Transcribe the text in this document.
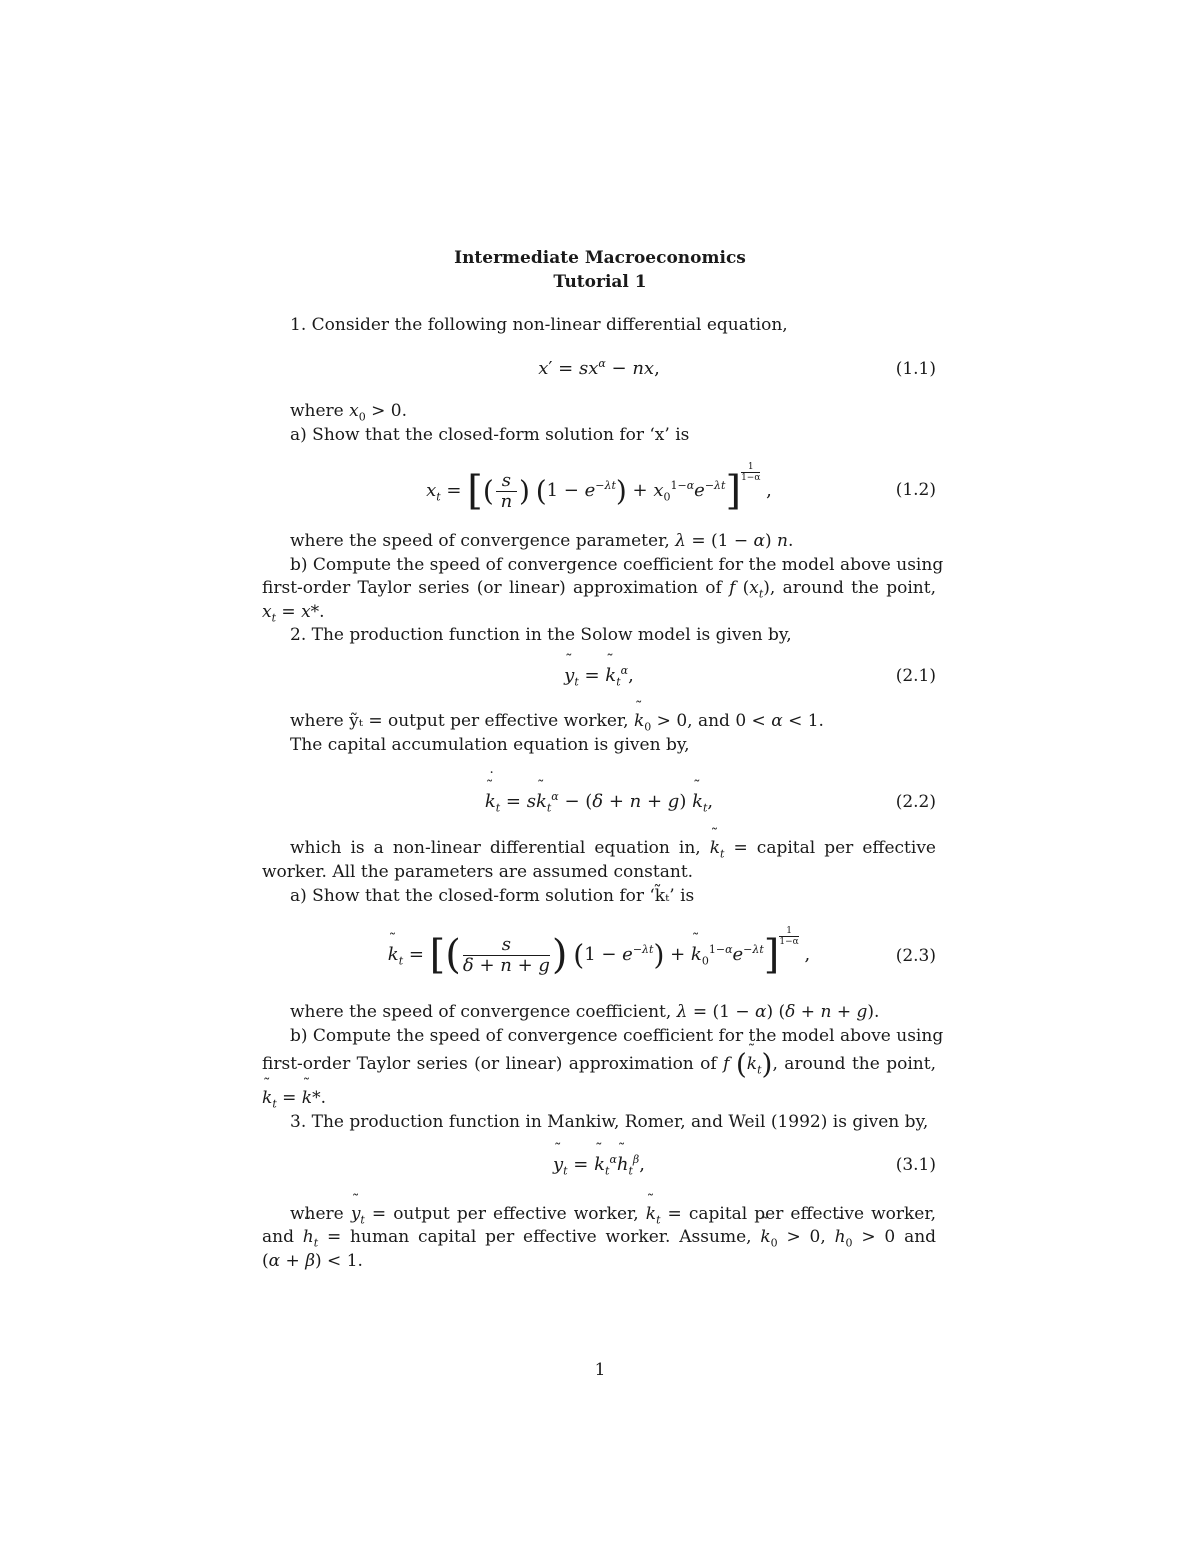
Intermediate Macroeconomics
Tutorial 1
1. Consider the following non-linear differential equation,
$x' = sx^\alpha$ − nx,	(1.1)
where $x_0 > 0$.
a) Show that the closed-form solution for ‘x’ is
$x_t$ = [( $\frac{s}{n}$ ) $(1 - e^{-\lambda t}) + x_0^{1-\alpha}e^{-\lambda t}] \frac{1}{1-\alpha}$
,	(1.2)
where the speed of convergence parameter, λ = (1 − α) n.
b) Compute the speed of convergence coefficient for the model above using
first-order Taylor series (or linear) approximation of f $(x_t)$, around the point,
$x_t = x*$.
2. The production function in the Solow model is given by,
˜ $y_t$ = ˜ $k_t^\alpha$,	(2.1)
where ỹₜ = output per effective worker, ˜ $k_0 > 0$, and 0 < α < 1.
The capital accumulation equation is given by,
˜ k $˙_t$ = s˜ $k_t^\alpha - (\delta + n + g)$ ˜ $k_t$,	(2.2)
which is a non-linear differential equation in, ˜ $k_t$ = capital per effective
worker. All the parameters are assumed constant.
a) Show that the closed-form solution for ‘k̃ₜ’ is
˜ $k_t$ = [( $\frac{s}{\delta + n + g}$ ) $(1 - e^{-\lambda t})$ + ˜ $k_0^{1-\alpha}e^{-\lambda t}] \frac{1}{1-\alpha}$
,	(2.3)
where the speed of convergence coefficient, λ = (1 − α) (δ + n + g).
b) Compute the speed of convergence coefficient for the model above using
first-order Taylor series (or linear) approximation of f (˜ $k_t$), around the point,
˜ $k_t$ = ˜ k*.
3. The production function in Mankiw, Romer, and Weil (1992) is given by,
˜ $y_t$ = ˜ $k_t^\alpha˜$ $h_t^\beta$,	(3.1)
where ˜ $y_t$ = output per effective worker, ˜ $k_t$ = capital per effective worker,
and ˜ $h_t$ = human capital per effective worker. Assume, ˜ $k_0 > 0$, ˜ $h_0 > 0$ and
(α + β) < 1.
1
